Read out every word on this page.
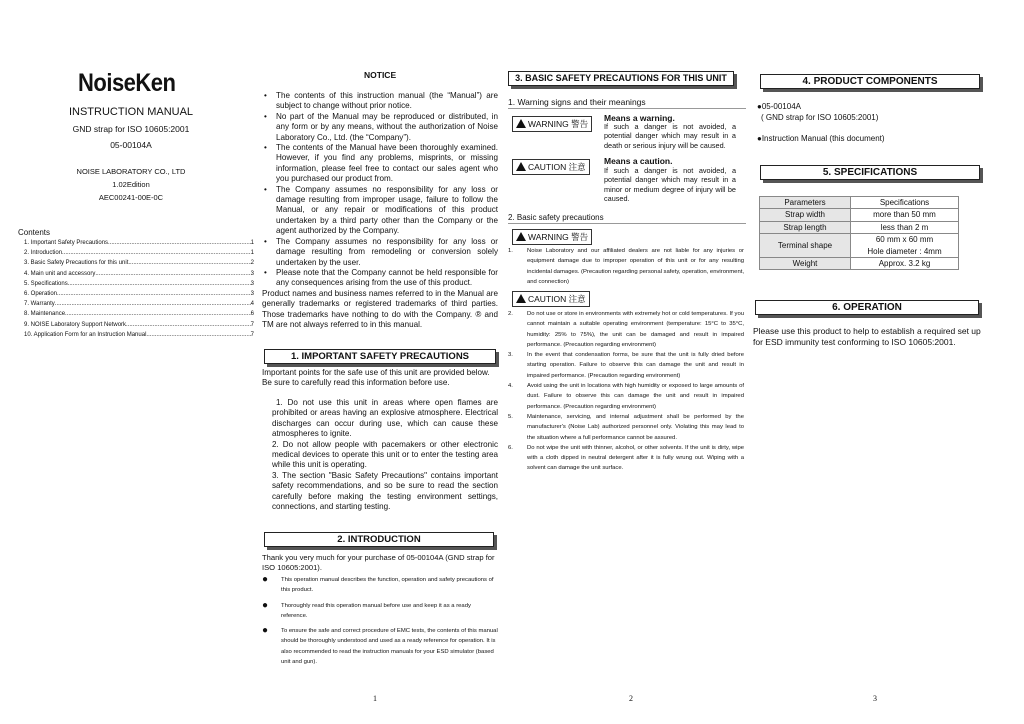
NoiseKen
INSTRUCTION MANUAL
GND strap for ISO 10605:2001
05-00104A
NOISE LABORATORY CO., LTD
1.02Edition
AEC00241-00E-0C
Contents
1. Important Safety Precautions .....	1
2. Introduction .....	1
3. Basic Safety Precautions for this unit .....	2
4. Main unit and accessory .....	3
5. Specifications .....	3
6. Operation .....	3
7. Warranty .....	4
8. Maintenance .....	6
9. NOISE Laboratory Support Network .....	7
10. Application Form for an Instruction Manual .....	7
NOTICE
• The contents of this instruction manual (the “Manual”) are subject to change without prior notice.
• No part of the Manual may be reproduced or distributed, in any form or by any means, without the authorization of Noise Laboratory Co., Ltd. (the “Company”).
• The contents of the Manual have been thoroughly examined. However, if you find any problems, misprints, or missing information, please feel free to contact our sales agent who you purchased our product from.
• The Company assumes no responsibility for any loss or damage resulting from improper usage, failure to follow the Manual, or any repair or modifications of this product undertaken by a third party other than the Company or the agent authorized by the Company.
• The Company assumes no responsibility for any loss or damage resulting from remodeling or conversion solely undertaken by the user.
• Please note that the Company cannot be held responsible for any consequences arising from the use of this product.
Product names and business names referred to in the Manual are generally trademarks or registered trademarks of third parties. Those trademarks have nothing to do with the Company. ® and TM are not always referred to in this manual.
1. IMPORTANT SAFETY PRECAUTIONS
Important points for the safe use of this unit are provided below. Be sure to carefully read this information before use.
1. Do not use this unit in areas where open flames are prohibited or areas having an explosive atmosphere. Electrical discharges can occur during use, which can cause these atmospheres to ignite.
2. Do not allow people with pacemakers or other electronic medical devices to operate this unit or to enter the testing area while this unit is operating.
3. The section "Basic Safety Precautions" contains important safety recommendations, and so be sure to read the section carefully before making the testing environment settings, connections, and starting testing.
2. INTRODUCTION
Thank you very much for your purchase of 05-00104A (GND strap for ISO 10605:2001).
● This operation manual describes the function, operation and safety precautions of this product.
● Thoroughly read this operation manual before use and keep it as a ready reference.
● To ensure the safe and correct procedure of EMC tests, the contents of this manual should be thoroughly understood and used as a ready reference for operation. It is also recommended to read the instruction manuals for your ESD simulator (based unit and gun).
3. BASIC SAFETY PRECAUTIONS FOR THIS UNIT
1. Warning signs and their meanings
WARNING 警告
Means a warning.
If such a danger is not avoided, a potential danger which may result in a death or serious injury will be caused.
CAUTION 注意
Means a caution.
If such a danger is not avoided, a potential danger which may result in a minor or medium degree of injury will be caused.
2. Basic safety precautions
WARNING 警告
1. Noise Laboratory and our affiliated dealers are not liable for any injuries or equipment damage due to improper operation of this unit or for any resulting incidental damages. (Precaution regarding personal safety, operation, environment, and connection)
CAUTION 注意
2. Do not use or store in environments with extremely hot or cold temperatures. If you cannot maintain a suitable operating environment (temperature: 15°C to 35°C, humidity: 25% to 75%), the unit can be damaged and result in impaired performance. (Precaution regarding environment)
3. In the event that condensation forms, be sure that the unit is fully dried before starting operation. Failure to observe this can damage the unit and result in impaired performance. (Precaution regarding environment)
4. Avoid using the unit in locations with high humidity or exposed to large amounts of dust. Failure to observe this can damage the unit and result in impaired performance. (Precaution regarding environment)
5. Maintenance, servicing, and internal adjustment shall be performed by the manufacturer's (Noise Lab) authorized personnel only. Violating this may lead to the situation where a full performance cannot be assured.
6. Do not wipe the unit with thinner, alcohol, or other solvents. If the unit is dirty, wipe with a cloth dipped in neutral detergent after it is fully wrung out. Wiping with a solvent can damage the unit surface.
4. PRODUCT COMPONENTS
●05-00104A
( GND strap for ISO 10605:2001)
●Instruction Manual (this document)
5. SPECIFICATIONS
Parameters	Specifications
Strap width	more than 50 mm
Strap length	less than 2 m
Terminal shape	60 mm x 60 mm
Hole diameter : 4mm

Weight	Approx. 3.2 kg
6. OPERATION
Please use this product to help to establish a required set up for ESD immunity test conforming to ISO 10605:2001.
1	2	3
